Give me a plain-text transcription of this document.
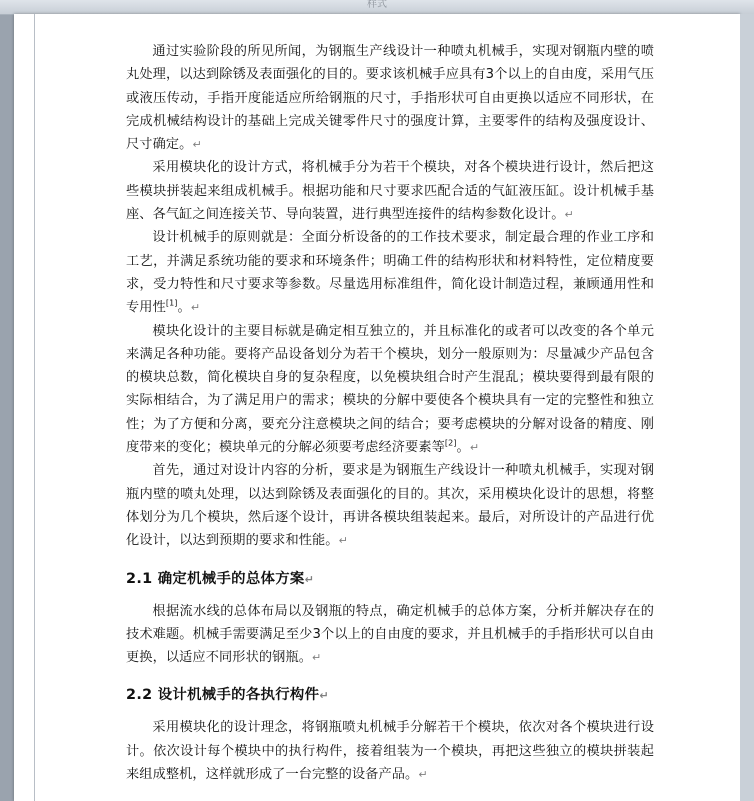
样式

通过实验阶段的所见所闻，为钢瓶生产线设计一种喷丸机械手，实现对钢瓶内壁的喷丸处理，以达到除锈及表面强化的目的。要求该机械手应具有3个以上的自由度，采用气压或液压传动，手指开度能适应所给钢瓶的尺寸，手指形状可自由更换以适应不同形状，在完成机械结构设计的基础上完成关键零件尺寸的强度计算，主要零件的结构及强度设计、尺寸确定。↵

采用模块化的设计方式，将机械手分为若干个模块，对各个模块进行设计，然后把这些模块拼装起来组成机械手。根据功能和尺寸要求匹配合适的气缸液压缸。设计机械手基座、各气缸之间连接关节、导向装置，进行典型连接件的结构参数化设计。↵

设计机械手的原则就是：全面分析设备的的工作技术要求，制定最合理的作业工序和工艺，并满足系统功能的要求和环境条件；明确工件的结构形状和材料特性，定位精度要求，受力特性和尺寸要求等参数。尽量选用标准组件，简化设计制造过程，兼顾通用性和专用性[1]。↵

模块化设计的主要目标就是确定相互独立的，并且标准化的或者可以改变的各个单元来满足各种功能。要将产品设备划分为若干个模块，划分一般原则为：尽量减少产品包含的模块总数，简化模块自身的复杂程度，以免模块组合时产生混乱；模块要得到最有限的实际相结合，为了满足用户的需求；模块的分解中要使各个模块具有一定的完整性和独立性；为了方便和分离，要充分注意模块之间的结合；要考虑模块的分解对设备的精度、刚度带来的变化；模块单元的分解必须要考虑经济要素等[2]。↵

首先，通过对设计内容的分析，要求是为钢瓶生产线设计一种喷丸机械手，实现对钢瓶内壁的喷丸处理，以达到除锈及表面强化的目的。其次，采用模块化设计的思想，将整体划分为几个模块，然后逐个设计，再讲各模块组装起来。最后，对所设计的产品进行优化设计，以达到预期的要求和性能。↵

2.1 确定机械手的总体方案↵

根据流水线的总体布局以及钢瓶的特点，确定机械手的总体方案，分析并解决存在的技术难题。机械手需要满足至少3个以上的自由度的要求，并且机械手的手指形状可以自由更换，以适应不同形状的钢瓶。↵

2.2 设计机械手的各执行构件↵

采用模块化的设计理念，将钢瓶喷丸机械手分解若干个模块，依次对各个模块进行设计。依次设计每个模块中的执行构件，接着组装为一个模块，再把这些独立的模块拼装起来组成整机，这样就形成了一台完整的设备产品。↵
